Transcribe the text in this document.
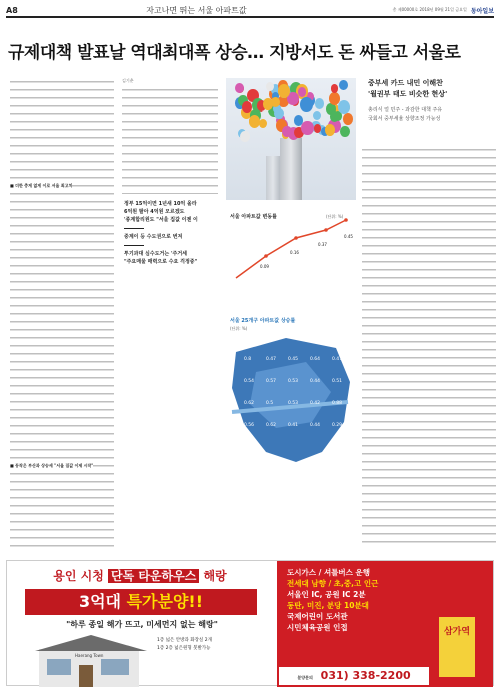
A8	자고나면 뛰는 서울 아파트값	총 제00000호 2018년 09월 21일 금요일 동아일보
규제대책 발표날 역대최대폭 상승… 지방서도 돈 싸들고 서울로
■ 더한 층게 없게 이로 서울 최고치
■ 동작은 부산과 상승세 "서울 집값 이제 시작"
김기춘
정부 15억이면 1년새 10억 올라
6억원 팔아 4억원 모르겠도
'종계합리원도 "서울 집값 이젠 이
중계이 등 수도권으로 번져
투기과대 심수도거는 '주거세
"주요매물 매력으로 수요 걱정중"
중부세 카드 내민 이해찬
'월권부 태도 비슷한 현상'
총리식 얼 민주 - 과감한 대책 주유
국회서 중부세율 상향조정 가능성
서울 아파트값 변동률	(단위: %)
0.45
0.37
0.16
0.09
서울 25개구 아파트값 상승률
(단위: %)
0.8	0.47	0.45	0.64	0.47
0.54	0.57	0.53	0.44	0.51
0.62	0.5	0.53	0.42	0.88
0.56	0.62	0.41	0.44	0.29
용인 시청 단독 타운하우스 해랑
3억대 특가분양!!
"하루 종일 해가 뜨고, 미세먼지 없는 해랑"
Haerang Town
1층 넓은 안방과 화장실 2개
1층 2층 넓은원형 붓발가능
도시가스 / 셔틀버스 운행
전세대 남향 / 초,중,고 인근
서울인 IC, 공원 IC 2분
동탄, 미진, 분당 10분대
국제어린이 도서관
시민체육공원 인접	삼가역
분양문의 031) 338-2200
